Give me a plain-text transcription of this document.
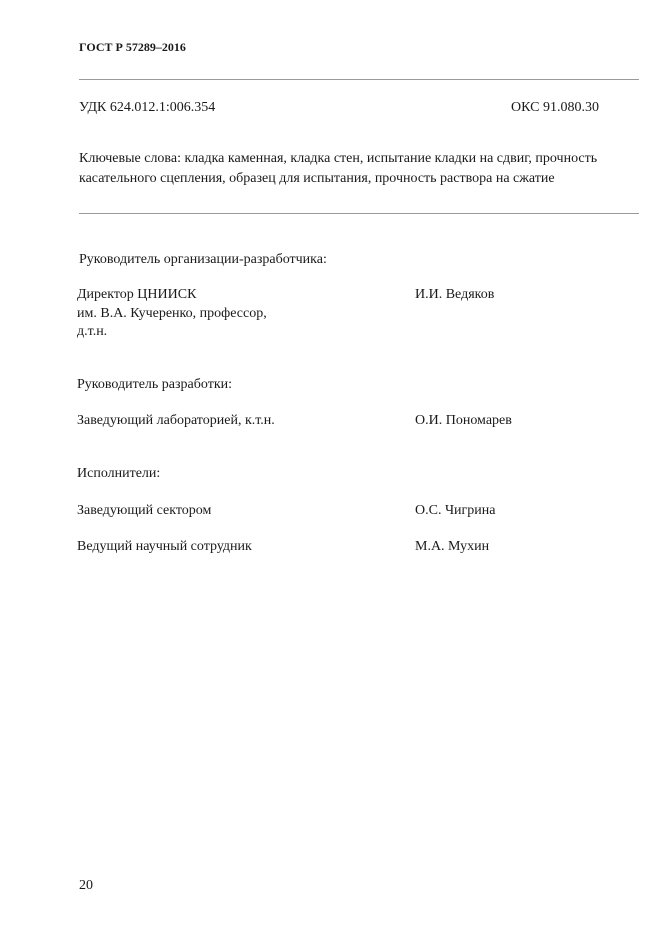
ГОСТ Р 57289–2016
УДК 624.012.1:006.354	ОКС 91.080.30
Ключевые слова: кладка каменная, кладка стен, испытание кладки на сдвиг, прочность касательного сцепления, образец для испытания, прочность раствора на сжатие
Руководитель организации-разработчика:
Директор ЦНИИСК
им. В.А. Кучеренко, профессор,
д.т.н.
И.И. Ведяков
Руководитель разработки:
Заведующий лабораторией, к.т.н.	О.И. Пономарев
Исполнители:
Заведующий сектором	О.С. Чигрина
Ведущий научный сотрудник	М.А. Мухин
20
